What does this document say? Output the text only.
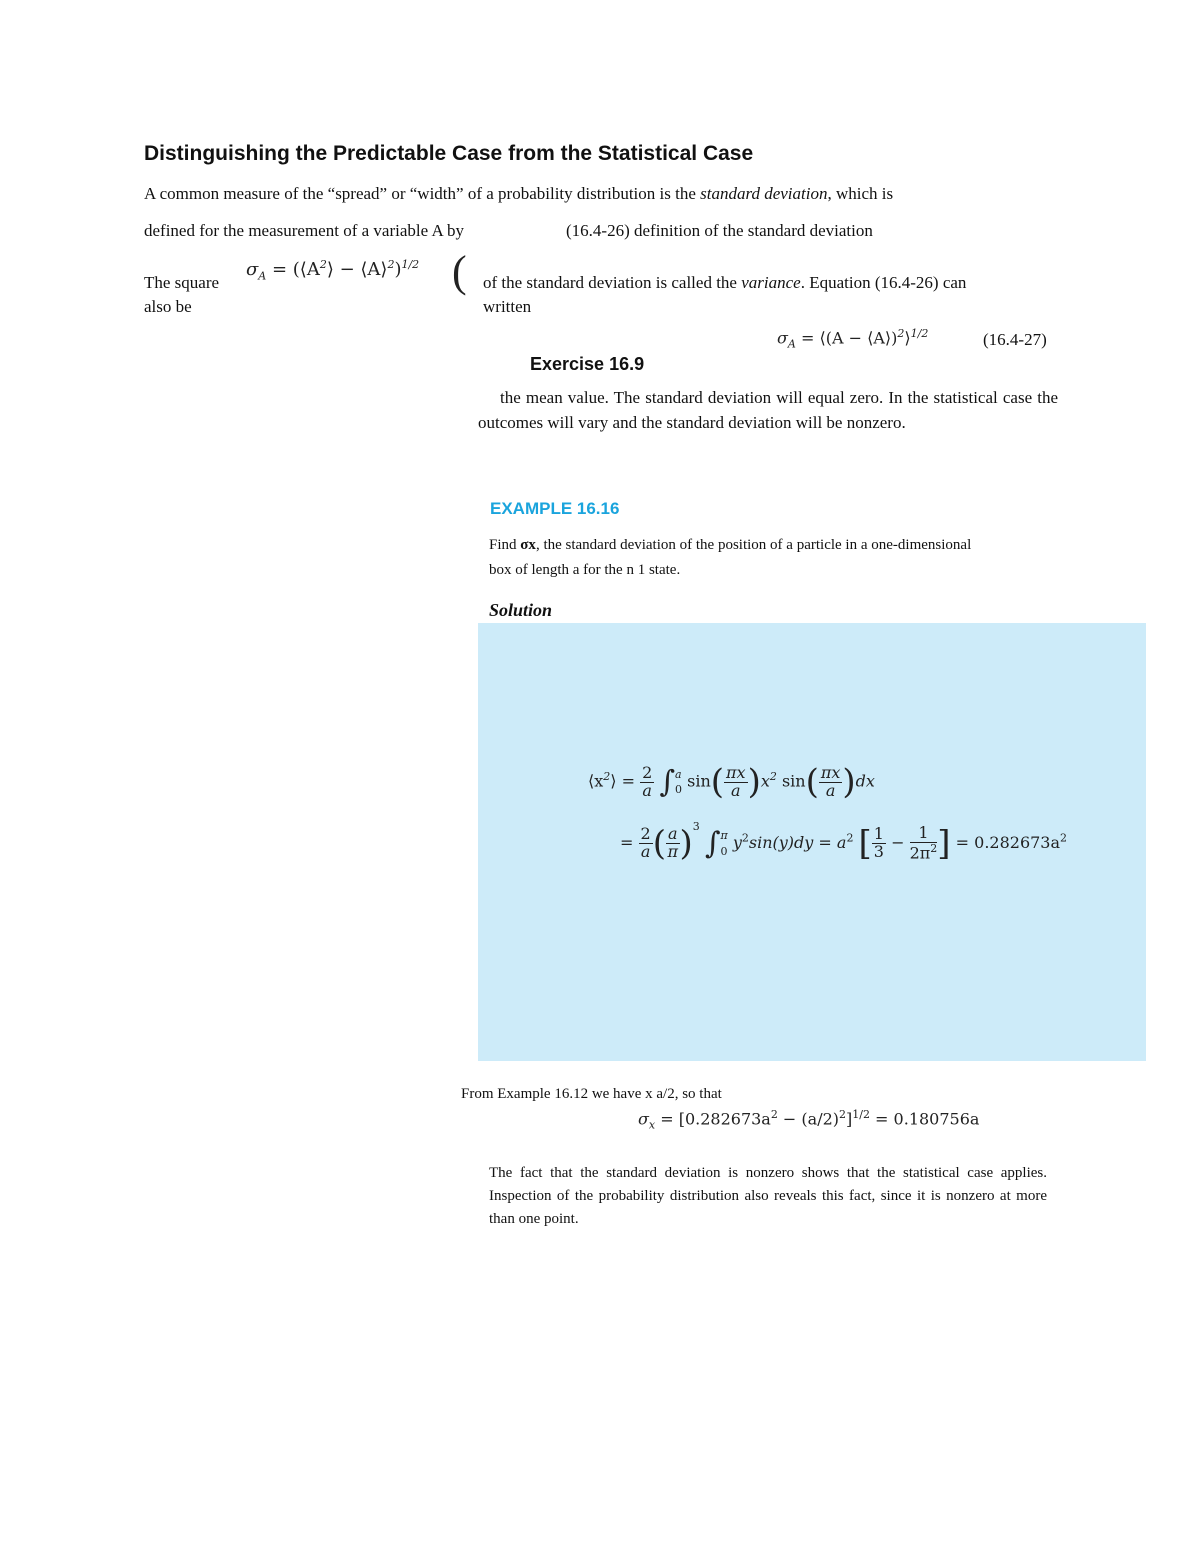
Distinguishing the Predictable Case from the Statistical Case
A common measure of the “spread” or “width” of a probability distribution is the standard deviation, which is
defined for the measurement of a variable A by	(16.4-26) definition of the standard deviation
$\sigma_A$ = ($⟨A^2⟩$ − ⟨A⟩$^2$)$^{1/2}$ (
The square
also be
of the standard deviation is called the variance. Equation (16.4-26) can
written
$\sigma_A$ = ⟨(A − ⟨A⟩)$^2$⟩$^{1/2}$	(16.4-27)
Exercise 16.9
the mean value. The standard deviation will equal zero. In the statistical case the outcomes will vary and the standard deviation will be nonzero.
EXAMPLE 16.16
Find σx, the standard deviation of the position of a particle in a one-dimensional
box of length a for the n 1 state.
Solution
$⟨x^2⟩ = \frac{2}{a}$ ∫ a
0 $\sin( \frac{\pi x}{a} )x^2$ $\sin( \frac{\pi x}{a} )dx$
= $\frac{2}{a}$ ( $\frac{a}{\pi} )^3$ ∫ π
0 $y^2\sin(y)dy = a^2$ [ $\frac{1}{3} - \frac{1}{2\pi^2}$ ] = $0.282673a^2$
From Example 16.12 we have x a/2, so that
$\sigma_x = [0.282673a^2 - (a/2)^2]^{1/2} = 0.180756a$
The fact that the standard deviation is nonzero shows that the statistical case applies. Inspection of the probability distribution also reveals this fact, since it is nonzero at more than one point.
